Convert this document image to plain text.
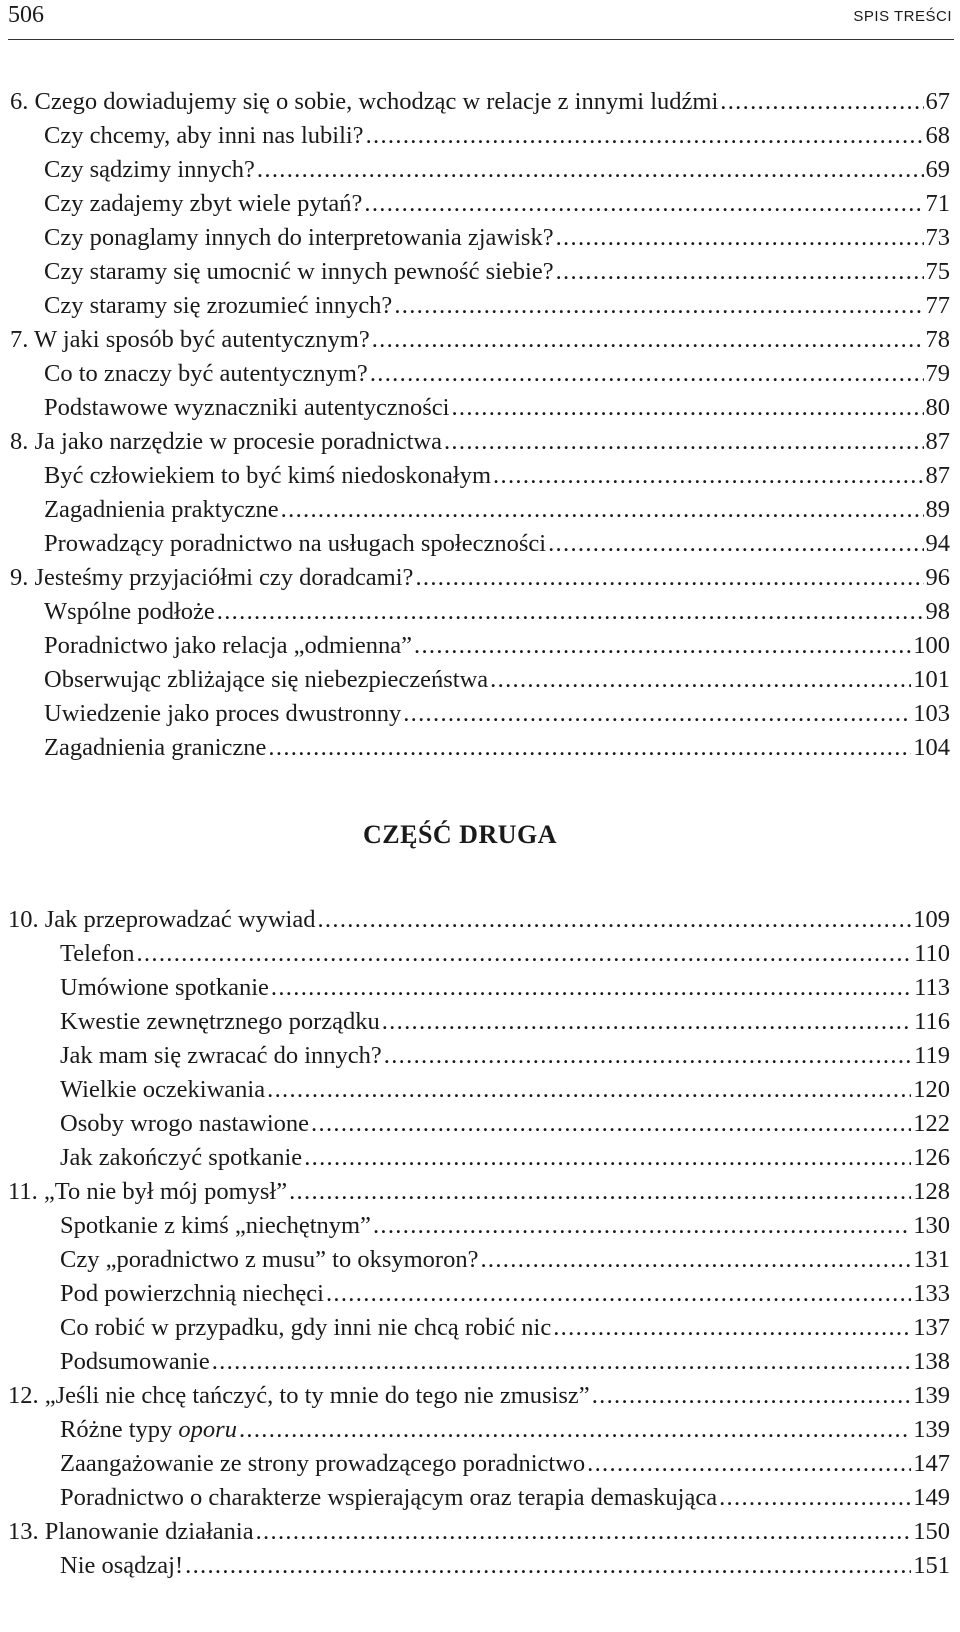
506	SPIS TREŚCI
6. Czego dowiadujemy się o sobie, wchodząc w relacje z innymi ludźmi . . .	67
Czy chcemy, aby inni nas lubili? . . .	68
Czy sądzimy innych? . . .	69
Czy zadajemy zbyt wiele pytań? . . .	71
Czy ponaglamy innych do interpretowania zjawisk? . . .	73
Czy staramy się umocnić w innych pewność siebie? . . .	75
Czy staramy się zrozumieć innych? . . .	77
7. W jaki sposób być autentycznym? . . .	78
Co to znaczy być autentycznym? . . .	79
Podstawowe wyznaczniki autentyczności . . .	80
8. Ja jako narzędzie w procesie poradnictwa . . .	87
Być człowiekiem to być kimś niedoskonałym . . .	87
Zagadnienia praktyczne . . .	89
Prowadzący poradnictwo na usługach społeczności . . .	94
9. Jesteśmy przyjaciółmi czy doradcami? . . .	96
Wspólne podłoże . . .	98
Poradnictwo jako relacja „odmienna” . . .	100
Obserwując zbliżające się niebezpieczeństwa . . .	101
Uwiedzenie jako proces dwustronny . . .	103
Zagadnienia graniczne . . .	104
CZĘŚĆ DRUGA
10. Jak przeprowadzać wywiad . . .	109
Telefon . . .	110
Umówione spotkanie . . .	113
Kwestie zewnętrznego porządku . . .	116
Jak mam się zwracać do innych? . . .	119
Wielkie oczekiwania . . .	120
Osoby wrogo nastawione . . .	122
Jak zakończyć spotkanie . . .	126
11. „To nie był mój pomysł” . . .	128
Spotkanie z kimś „niechętnym” . . .	130
Czy „poradnictwo z musu” to oksymoron? . . .	131
Pod powierzchnią niechęci . . .	133
Co robić w przypadku, gdy inni nie chcą robić nic . . .	137
Podsumowanie . . .	138
12. „Jeśli nie chcę tańczyć, to ty mnie do tego nie zmusisz” . . .	139
Różne typy oporu . . .	139
Zaangażowanie ze strony prowadzącego poradnictwo . . .	147
Poradnictwo o charakterze wspierającym oraz terapia demaskująca . . .	149
13. Planowanie działania . . .	150
Nie osądzaj! . . .	151
